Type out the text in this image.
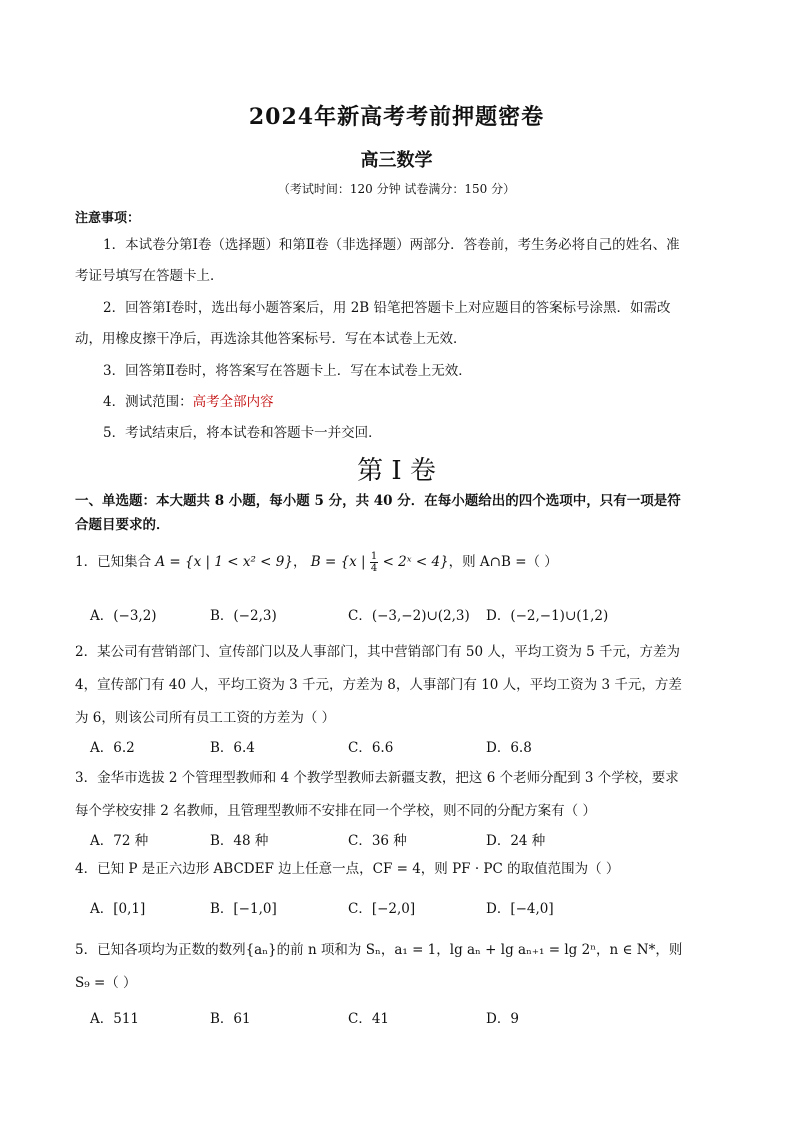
2024年新高考考前押题密卷
高三数学
（考试时间：120 分钟 试卷满分：150 分）
注意事项：

1．本试卷分第Ⅰ卷（选择题）和第Ⅱ卷（非选择题）两部分．答卷前，考生务必将自己的姓名、准考证号填写在答题卡上．

2．回答第Ⅰ卷时，选出每小题答案后，用 2B 铅笔把答题卡上对应题目的答案标号涂黑．如需改动，用橡皮擦干净后，再选涂其他答案标号．写在本试卷上无效．

3．回答第Ⅱ卷时，将答案写在答题卡上．写在本试卷上无效．

4．测试范围：高考全部内容

5．考试结束后，将本试卷和答题卡一并交回．

第 I 卷

一、单选题：本大题共 8 小题，每小题 5 分，共 40 分．在每小题给出的四个选项中，只有一项是符合题目要求的．

1．已知集合 A = {x | 1 < x² < 9}， B = {x | $\frac{1}{4}$ < 2ˣ < 4}，则 A∩B =（ ）

A．(−3,2)	B．(−2,3)	C．(−3,−2)∪(2,3) D．(−2,−1)∪(1,2)

2．某公司有营销部门、宣传部门以及人事部门，其中营销部门有 50 人，平均工资为 5 千元，方差为 4，宣传部门有 40 人，平均工资为 3 千元，方差为 8，人事部门有 10 人，平均工资为 3 千元，方差为 6，则该公司所有员工工资的方差为（ ）

A．6.2	B．6.4	C．6.6	D．6.8

3．金华市选拔 2 个管理型教师和 4 个教学型教师去新疆支教，把这 6 个老师分配到 3 个学校，要求每个学校安排 2 名教师，且管理型教师不安排在同一个学校，则不同的分配方案有（ ）

A．72 种	B．48 种	C．36 种	D．24 种

4．已知 P 是正六边形 ABCDEF 边上任意一点，CF = 4，则 PF · PC 的取值范围为（ ）

A．[0,1]	B．[−1,0]	C．[−2,0]	D．[−4,0]

5．已知各项均为正数的数列{aₙ}的前 n 项和为 Sₙ，a₁ = 1，lg aₙ + lg aₙ₊₁ = lg 2ⁿ，n ∈ N*，则 S₉ =（ ）

A．511	B．61	C．41	D．9
